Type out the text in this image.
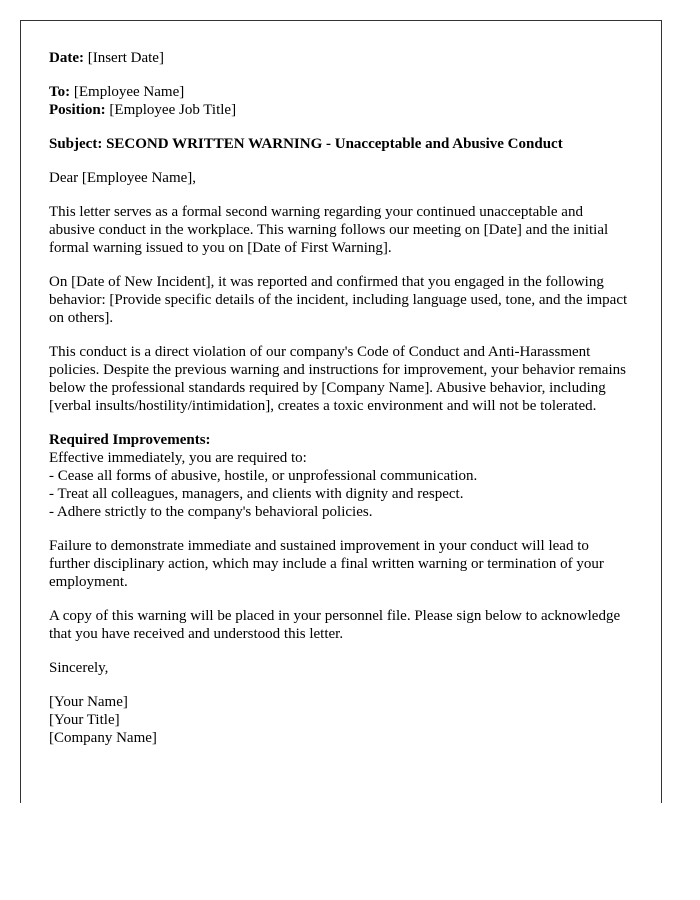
Date: [Insert Date]

To: [Employee Name]
Position: [Employee Job Title]

Subject: SECOND WRITTEN WARNING - Unacceptable and Abusive Conduct

Dear [Employee Name],

This letter serves as a formal second warning regarding your continued unacceptable and abusive conduct in the workplace. This warning follows our meeting on [Date] and the initial formal warning issued to you on [Date of First Warning].

On [Date of New Incident], it was reported and confirmed that you engaged in the following behavior: [Provide specific details of the incident, including language used, tone, and the impact on others].

This conduct is a direct violation of our company's Code of Conduct and Anti-Harassment policies. Despite the previous warning and instructions for improvement, your behavior remains below the professional standards required by [Company Name]. Abusive behavior, including [verbal insults/hostility/intimidation], creates a toxic environment and will not be tolerated.

Required Improvements:
Effective immediately, you are required to:
- Cease all forms of abusive, hostile, or unprofessional communication.
- Treat all colleagues, managers, and clients with dignity and respect.
- Adhere strictly to the company's behavioral policies.

Failure to demonstrate immediate and sustained improvement in your conduct will lead to further disciplinary action, which may include a final written warning or termination of your employment.

A copy of this warning will be placed in your personnel file. Please sign below to acknowledge that you have received and understood this letter.

Sincerely,

[Your Name]
[Your Title]
[Company Name]
